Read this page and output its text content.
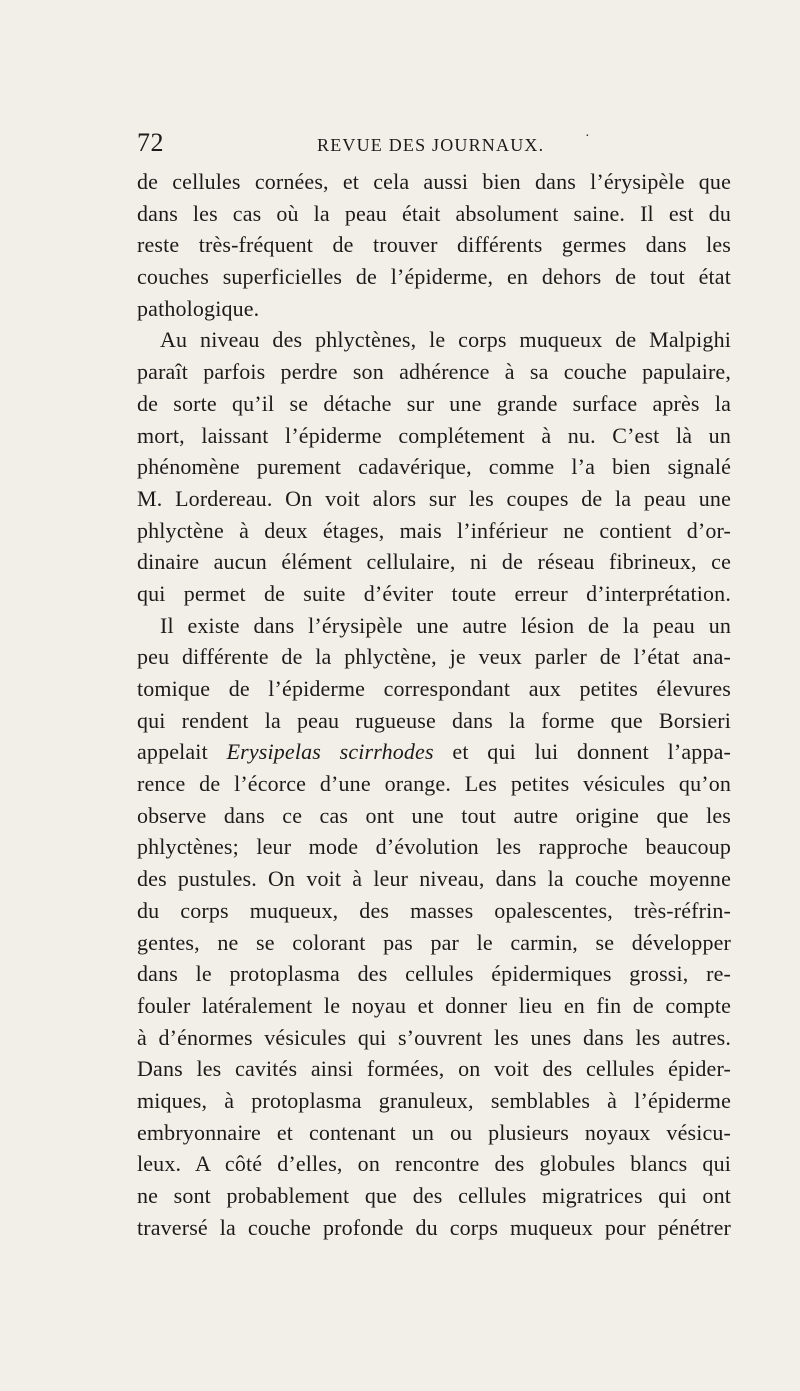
72	REVUE DES JOURNAUX.	·
de cellules cornées, et cela aussi bien dans l’érysipèle que
dans les cas où la peau était absolument saine. Il est du
reste très-fréquent de trouver différents germes dans les
couches superficielles de l’épiderme, en dehors de tout état
pathologique.
Au niveau des phlyctènes, le corps muqueux de Malpighi
paraît parfois perdre son adhérence à sa couche papulaire,
de sorte qu’il se détache sur une grande surface après la
mort, laissant l’épiderme complétement à nu. C’est là un
phénomène purement cadavérique, comme l’a bien signalé
M. Lordereau. On voit alors sur les coupes de la peau une
phlyctène à deux étages, mais l’inférieur ne contient d’or-
dinaire aucun élément cellulaire, ni de réseau fibrineux, ce
qui permet de suite d’éviter toute erreur d’interprétation.
Il existe dans l’érysipèle une autre lésion de la peau un
peu différente de la phlyctène, je veux parler de l’état ana-
tomique de l’épiderme correspondant aux petites élevures
qui rendent la peau rugueuse dans la forme que Borsieri
appelait Erysipelas scirrhodes et qui lui donnent l’appa-
rence de l’écorce d’une orange. Les petites vésicules qu’on
observe dans ce cas ont une tout autre origine que les
phlyctènes; leur mode d’évolution les rapproche beaucoup
des pustules. On voit à leur niveau, dans la couche moyenne
du corps muqueux, des masses opalescentes, très-réfrin-
gentes, ne se colorant pas par le carmin, se développer
dans le protoplasma des cellules épidermiques grossi, re-
fouler latéralement le noyau et donner lieu en fin de compte
à d’énormes vésicules qui s’ouvrent les unes dans les autres.
Dans les cavités ainsi formées, on voit des cellules épider-
miques, à protoplasma granuleux, semblables à l’épiderme
embryonnaire et contenant un ou plusieurs noyaux vésicu-
leux. A côté d’elles, on rencontre des globules blancs qui
ne sont probablement que des cellules migratrices qui ont
traversé la couche profonde du corps muqueux pour pénétrer
